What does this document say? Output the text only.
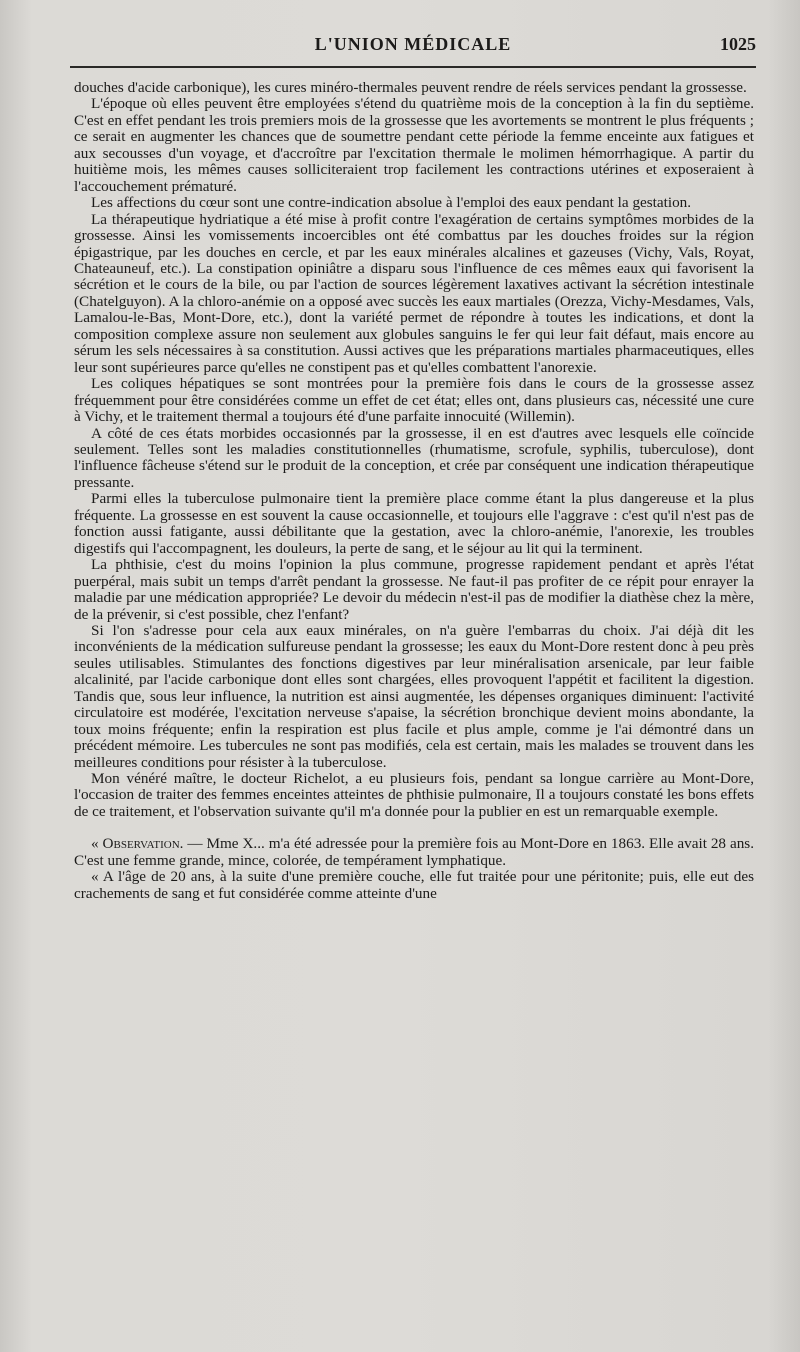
L'UNION MÉDICALE	1025

douches d'acide carbonique), les cures minéro-thermales peuvent rendre de réels services pendant la grossesse.

L'époque où elles peuvent être employées s'étend du quatrième mois de la conception à la fin du septième. C'est en effet pendant les trois premiers mois de la grossesse que les avortements se montrent le plus fréquents ; ce serait en augmenter les chances que de soumettre pendant cette période la femme enceinte aux fatigues et aux secousses d'un voyage, et d'accroître par l'excitation thermale le molimen hémorrhagique. A partir du huitième mois, les mêmes causes solliciteraient trop facilement les contractions utérines et exposeraient à l'accouchement prématuré.

Les affections du cœur sont une contre-indication absolue à l'emploi des eaux pendant la gestation.

La thérapeutique hydriatique a été mise à profit contre l'exagération de certains symptômes morbides de la grossesse. Ainsi les vomissements incoercibles ont été combattus par les douches froides sur la région épigastrique, par les douches en cercle, et par les eaux minérales alcalines et gazeuses (Vichy, Vals, Royat, Chateauneuf, etc.). La constipation opiniâtre a disparu sous l'influence de ces mêmes eaux qui favorisent la sécrétion et le cours de la bile, ou par l'action de sources légèrement laxatives activant la sécrétion intestinale (Chatelguyon). A la chloro-anémie on a opposé avec succès les eaux martiales (Orezza, Vichy-Mesdames, Vals, Lamalou-le-Bas, Mont-Dore, etc.), dont la variété permet de répondre à toutes les indications, et dont la composition complexe assure non seulement aux globules sanguins le fer qui leur fait défaut, mais encore au sérum les sels nécessaires à sa constitution. Aussi actives que les préparations martiales pharmaceutiques, elles leur sont supérieures parce qu'elles ne constipent pas et qu'elles combattent l'anorexie.

Les coliques hépatiques se sont montrées pour la première fois dans le cours de la grossesse assez fréquemment pour être considérées comme un effet de cet état; elles ont, dans plusieurs cas, nécessité une cure à Vichy, et le traitement thermal a toujours été d'une parfaite innocuité (Willemin).

A côté de ces états morbides occasionnés par la grossesse, il en est d'autres avec lesquels elle coïncide seulement. Telles sont les maladies constitutionnelles (rhumatisme, scrofule, syphilis, tuberculose), dont l'influence fâcheuse s'étend sur le produit de la conception, et crée par conséquent une indication thérapeutique pressante.

Parmi elles la tuberculose pulmonaire tient la première place comme étant la plus dangereuse et la plus fréquente. La grossesse en est souvent la cause occasionnelle, et toujours elle l'aggrave : c'est qu'il n'est pas de fonction aussi fatigante, aussi débilitante que la gestation, avec la chloro-anémie, l'anorexie, les troubles digestifs qui l'accompagnent, les douleurs, la perte de sang, et le séjour au lit qui la terminent.

La phthisie, c'est du moins l'opinion la plus commune, progresse rapidement pendant et après l'état puerpéral, mais subit un temps d'arrêt pendant la grossesse. Ne faut-il pas profiter de ce répit pour enrayer la maladie par une médication appropriée? Le devoir du médecin n'est-il pas de modifier la diathèse chez la mère, de la prévenir, si c'est possible, chez l'enfant?

Si l'on s'adresse pour cela aux eaux minérales, on n'a guère l'embarras du choix. J'ai déjà dit les inconvénients de la médication sulfureuse pendant la grossesse; les eaux du Mont-Dore restent donc à peu près seules utilisables. Stimulantes des fonctions digestives par leur minéralisation arsenicale, par leur faible alcalinité, par l'acide carbonique dont elles sont chargées, elles provoquent l'appétit et facilitent la digestion. Tandis que, sous leur influence, la nutrition est ainsi augmentée, les dépenses organiques diminuent: l'activité circulatoire est modérée, l'excitation nerveuse s'apaise, la sécrétion bronchique devient moins abondante, la toux moins fréquente; enfin la respiration est plus facile et plus ample, comme je l'ai démontré dans un précédent mémoire. Les tubercules ne sont pas modifiés, cela est certain, mais les malades se trouvent dans les meilleures conditions pour résister à la tuberculose.

Mon vénéré maître, le docteur Richelot, a eu plusieurs fois, pendant sa longue carrière au Mont-Dore, l'occasion de traiter des femmes enceintes atteintes de phthisie pulmonaire, Il a toujours constaté les bons effets de ce traitement, et l'observation suivante qu'il m'a donnée pour la publier en est un remarquable exemple.

« Observation. — Mme X... m'a été adressée pour la première fois au Mont-Dore en 1863. Elle avait 28 ans. C'est une femme grande, mince, colorée, de tempérament lymphatique.

« A l'âge de 20 ans, à la suite d'une première couche, elle fut traitée pour une péritonite; puis, elle eut des crachements de sang et fut considérée comme atteinte d'une
